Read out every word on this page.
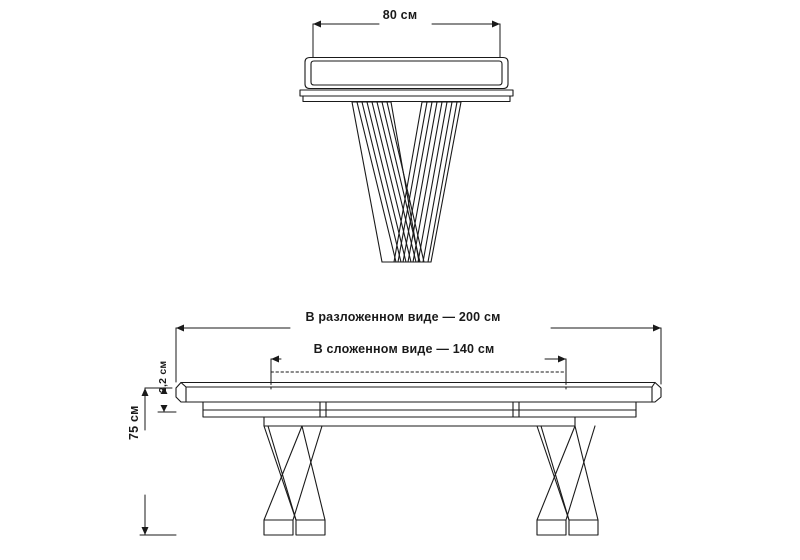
80 см
В разложенном виде — 200 см
В сложенном виде — 140 см
75 см
2,2 см
